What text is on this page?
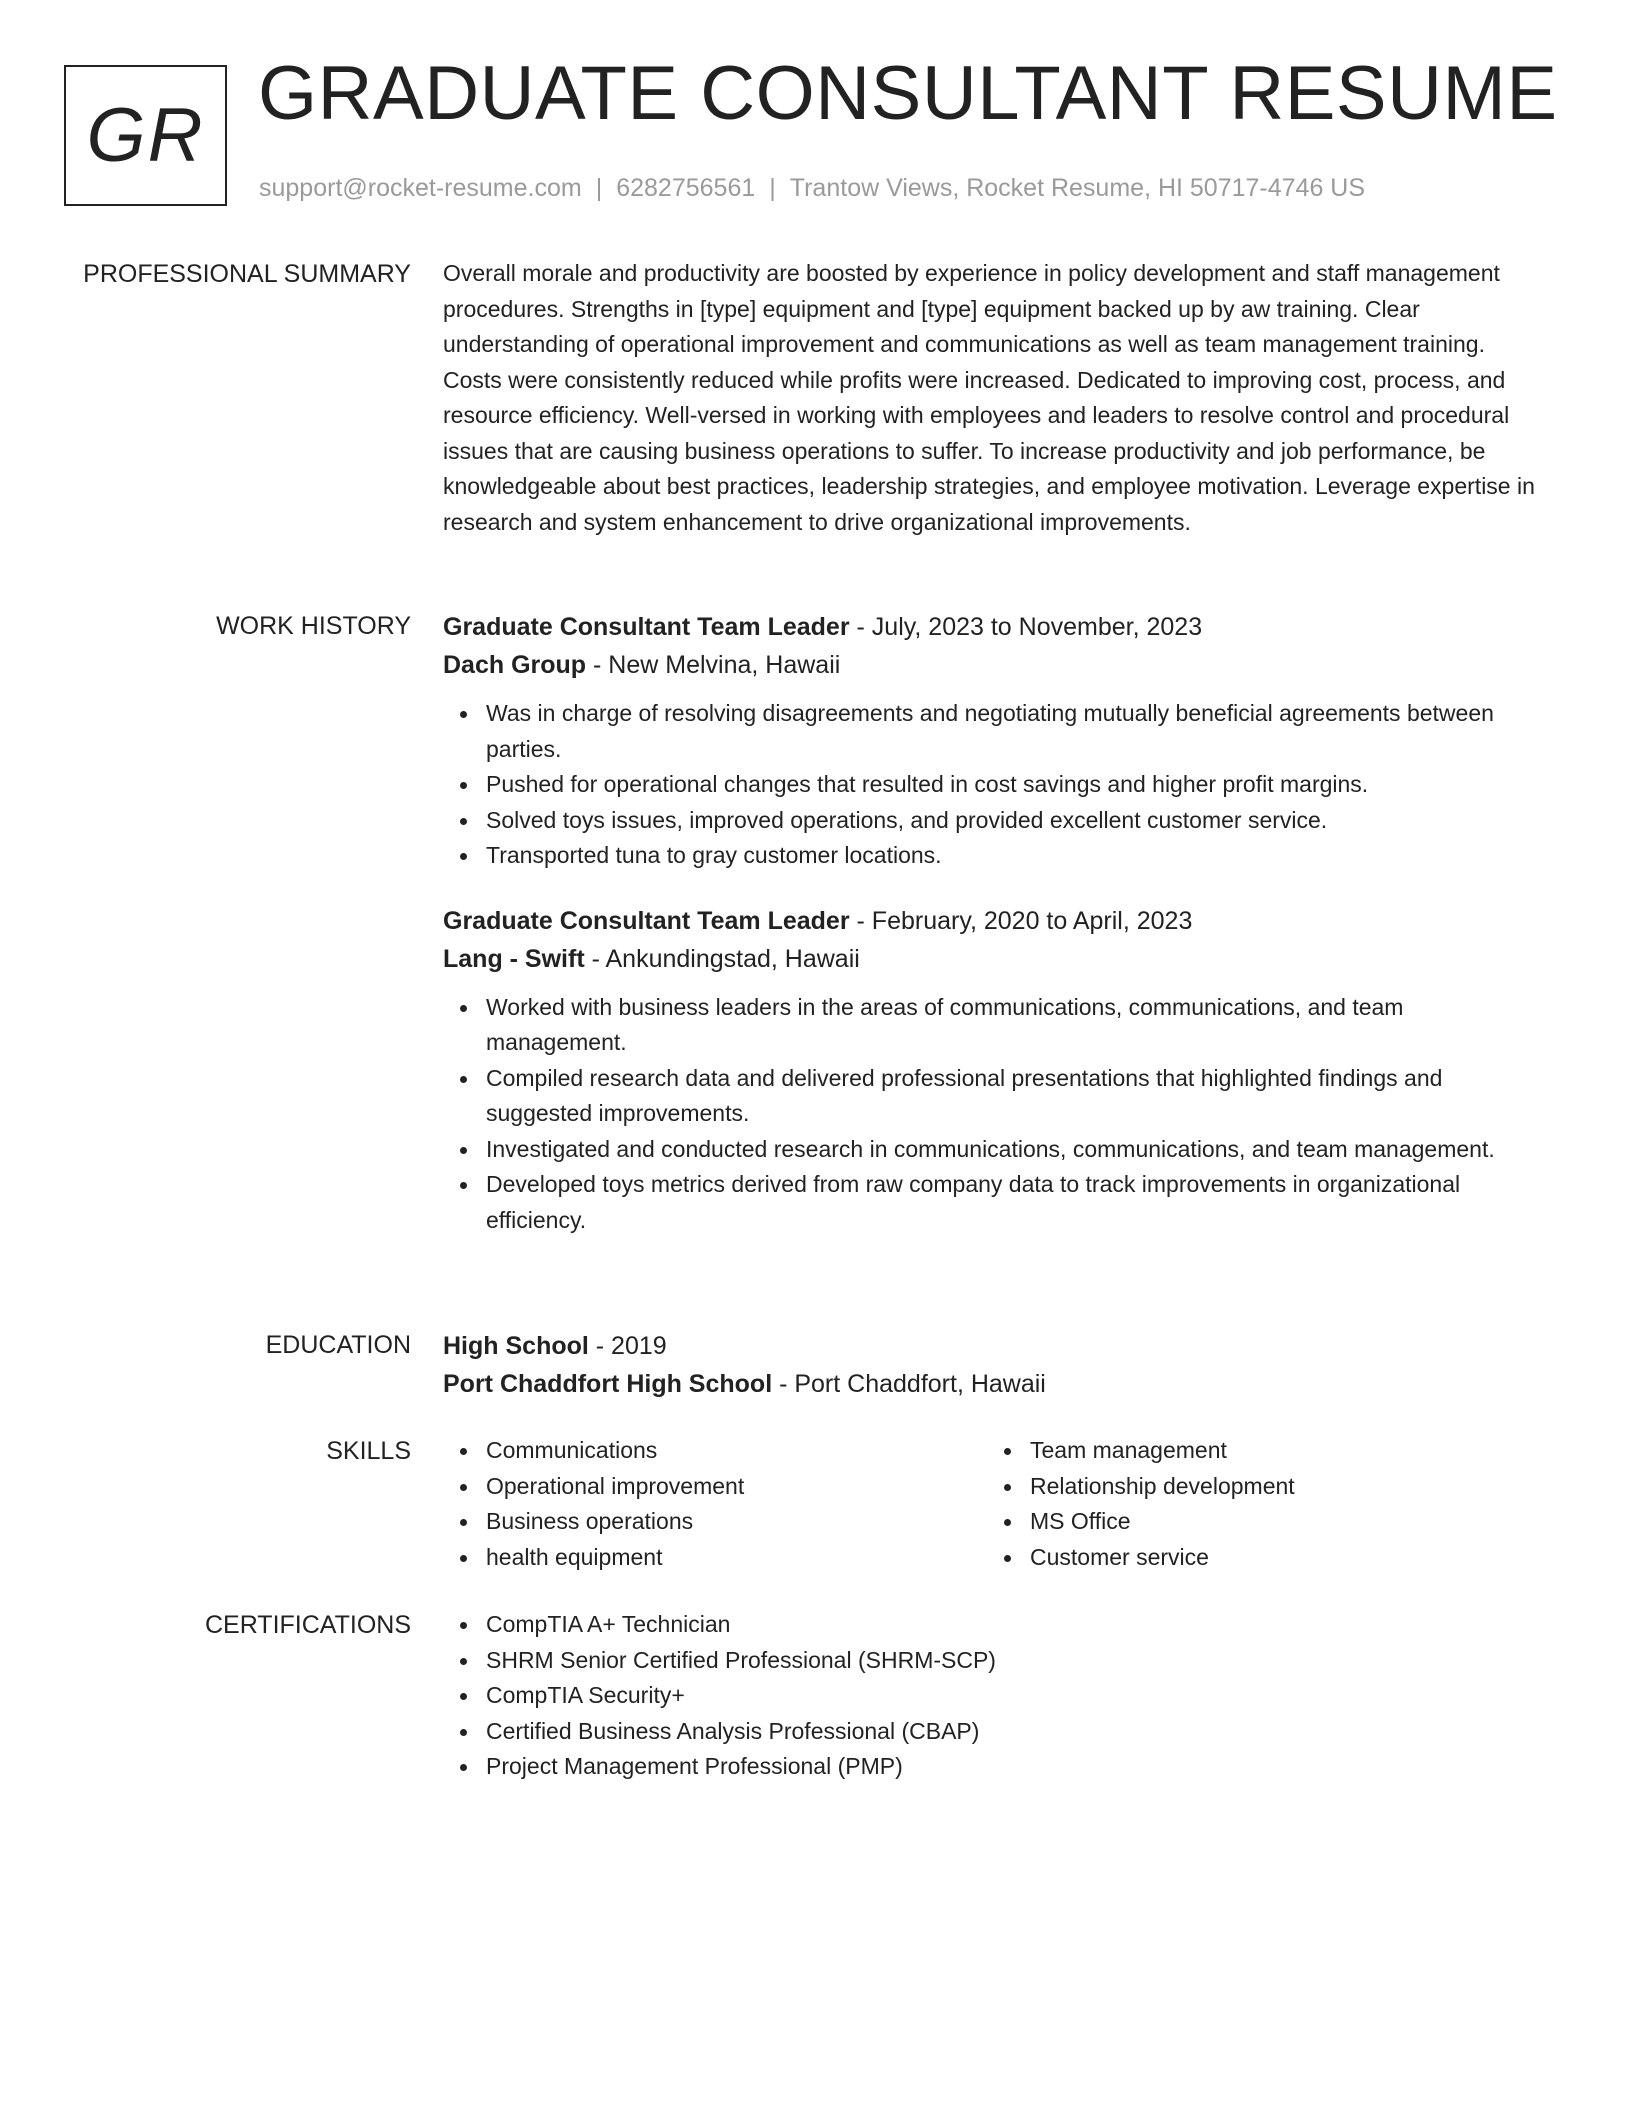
GR GRADUATE CONSULTANT RESUME
support@rocket-resume.com | 6282756561 | Trantow Views, Rocket Resume, HI 50717-4746 US
PROFESSIONAL SUMMARY Overall morale and productivity are boosted by experience in policy development and staff management procedures. Strengths in [type] equipment and [type] equipment backed up by aw training. Clear understanding of operational improvement and communications as well as team management training. Costs were consistently reduced while profits were increased. Dedicated to improving cost, process, and resource efficiency. Well-versed in working with employees and leaders to resolve control and procedural issues that are causing business operations to suffer. To increase productivity and job performance, be knowledgeable about best practices, leadership strategies, and employee motivation. Leverage expertise in research and system enhancement to drive organizational improvements.

WORK HISTORY Graduate Consultant Team Leader - July, 2023 to November, 2023
Dach Group - New Melvina, Hawaii
Was in charge of resolving disagreements and negotiating mutually beneficial agreements between parties.
Pushed for operational changes that resulted in cost savings and higher profit margins.
Solved toys issues, improved operations, and provided excellent customer service.
Transported tuna to gray customer locations.
Graduate Consultant Team Leader - February, 2020 to April, 2023
Lang - Swift - Ankundingstad, Hawaii
Worked with business leaders in the areas of communications, communications, and team management.
Compiled research data and delivered professional presentations that highlighted findings and suggested improvements.
Investigated and conducted research in communications, communications, and team management.
Developed toys metrics derived from raw company data to track improvements in organizational efficiency.
EDUCATION High School - 2019
Port Chaddfort High School - Port Chaddfort, Hawaii
SKILLS	Communications
Operational improvement
Business operations
health equipment
Team management
Relationship development
MS Office
Customer service
CERTIFICATIONS	CompTIA A+ Technician
SHRM Senior Certified Professional (SHRM-SCP)
CompTIA Security+
Certified Business Analysis Professional (CBAP)
Project Management Professional (PMP)
